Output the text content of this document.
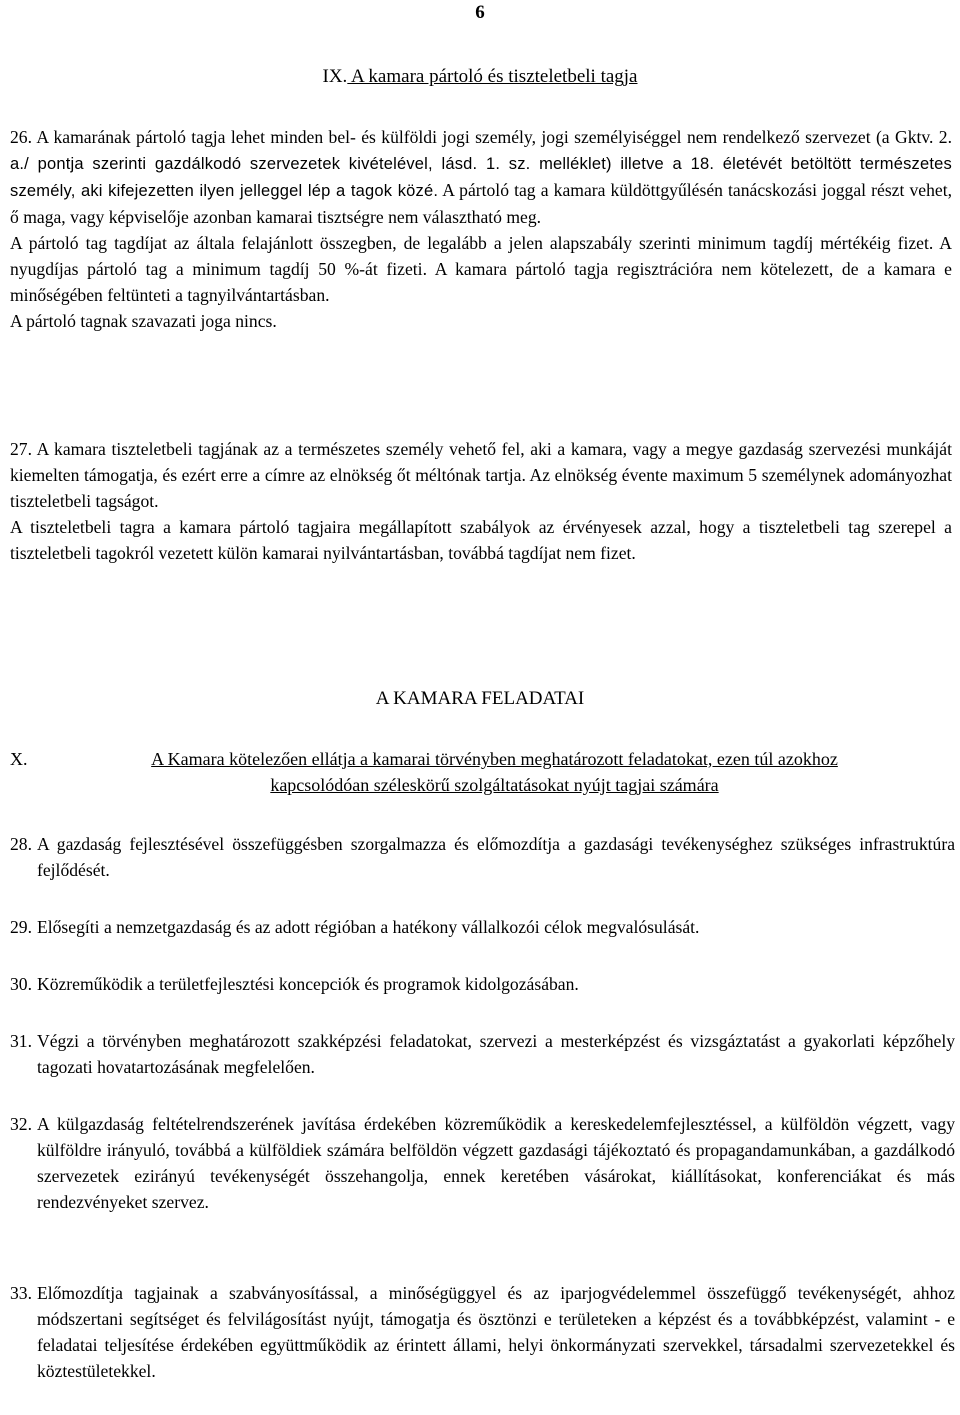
6
IX. A kamara pártoló és tiszteletbeli tagja

26. A kamarának pártoló tagja lehet minden bel- és külföldi jogi személy, jogi személyiséggel nem rendelkező szervezet (a Gktv. 2. a./ pontja szerinti gazdálkodó szervezetek kivételével, lásd. 1. sz. melléklet) illetve a 18. életévét betöltött természetes személy, aki kifejezetten ilyen jelleggel lép a tagok közé. A pártoló tag a kamara küldöttgyűlésén tanácskozási joggal részt vehet, ő maga, vagy képviselője azonban kamarai tisztségre nem választható meg.

A pártoló tag tagdíjat az általa felajánlott összegben, de legalább a jelen alapszabály szerinti minimum tagdíj mértékéig fizet. A nyugdíjas pártoló tag a minimum tagdíj 50 %-át fizeti. A kamara pártoló tagja regisztrációra nem kötelezett, de a kamara e minőségében feltünteti a tagnyilvántartásban.

A pártoló tagnak szavazati joga nincs.

27. A kamara tiszteletbeli tagjának az a természetes személy vehető fel, aki a kamara, vagy a megye gazdaság szervezési munkáját kiemelten támogatja, és ezért erre a címre az elnökség őt méltónak tartja. Az elnökség évente maximum 5 személynek adományozhat tiszteletbeli tagságot.

A tiszteletbeli tagra a kamara pártoló tagjaira megállapított szabályok az érvényesek azzal, hogy a tiszteletbeli tag szerepel a tiszteletbeli tagokról vezetett külön kamarai nyilvántartásban, továbbá tagdíjat nem fizet.

A KAMARA FELADATAI
X.	A Kamara kötelezően ellátja a kamarai törvényben meghatározott feladatokat, ezen túl azokhoz
kapcsolódóan széleskörű szolgáltatásokat nyújt tagjai számára
28. A gazdaság fejlesztésével összefüggésben szorgalmazza és előmozdítja a gazdasági tevékenységhez szükséges infrastruktúra fejlődését.
29. Elősegíti a nemzetgazdaság és az adott régióban a hatékony vállalkozói célok megvalósulását.
30. Közreműködik a területfejlesztési koncepciók és programok kidolgozásában.
31. Végzi a törvényben meghatározott szakképzési feladatokat, szervezi a mesterképzést és vizsgáztatást a gyakorlati képzőhely tagozati hovatartozásának megfelelően.
32. A külgazdaság feltételrendszerének javítása érdekében közreműködik a kereskedelemfejlesztéssel, a külföldön végzett, vagy külföldre irányuló, továbbá a külföldiek számára belföldön végzett gazdasági tájékoztató és propagandamunkában, a gazdálkodó szervezetek ezirányú tevékenységét összehangolja, ennek keretében vásárokat, kiállításokat, konferenciákat és más rendezvényeket szervez.
33. Előmozdítja tagjainak a szabványosítással, a minőségüggyel és az iparjogvédelemmel összefüggő tevékenységét, ahhoz módszertani segítséget és felvilágosítást nyújt, támogatja és ösztönzi e területeken a képzést és a továbbképzést, valamint - e feladatai teljesítése érdekében együttműködik az érintett állami, helyi önkormányzati szervekkel, társadalmi szervezetekkel és köztestületekkel.
